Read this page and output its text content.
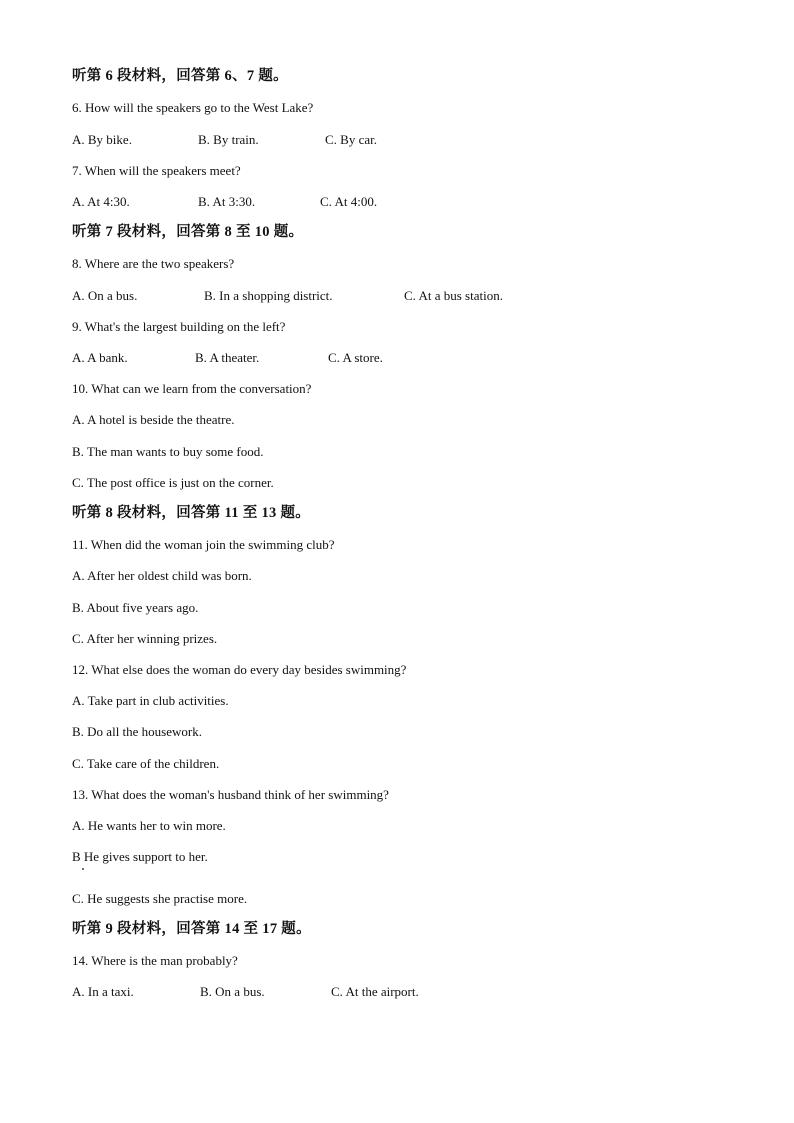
听第 6 段材料，回答第 6、7 题。
6. How will the speakers go to the West Lake?
A. By bike.	B. By train.	C. By car.
7. When will the speakers meet?
A. At 4:30.	B. At 3:30.	C. At 4:00.
听第 7 段材料，回答第 8 至 10 题。
8. Where are the two speakers?
A. On a bus.	B. In a shopping district.	C. At a bus station.
9. What's the largest building on the left?
A. A bank.	B. A theater.	C. A store.
10. What can we learn from the conversation?
A. A hotel is beside the theatre.
B. The man wants to buy some food.
C. The post office is just on the corner.
听第 8 段材料，回答第 11 至 13 题。
11. When did the woman join the swimming club?
A. After her oldest child was born.
B. About five years ago.
C. After her winning prizes.
12. What else does the woman do every day besides swimming?
A. Take part in club activities.
B. Do all the housework.
C. Take care of the children.
13. What does the woman's husband think of her swimming?
A. He wants her to win more.
B He gives support to her.
C. He suggests she practise more.
听第 9 段材料，回答第 14 至 17 题。
14. Where is the man probably?
A. In a taxi.	B. On a bus.	C. At the airport.
